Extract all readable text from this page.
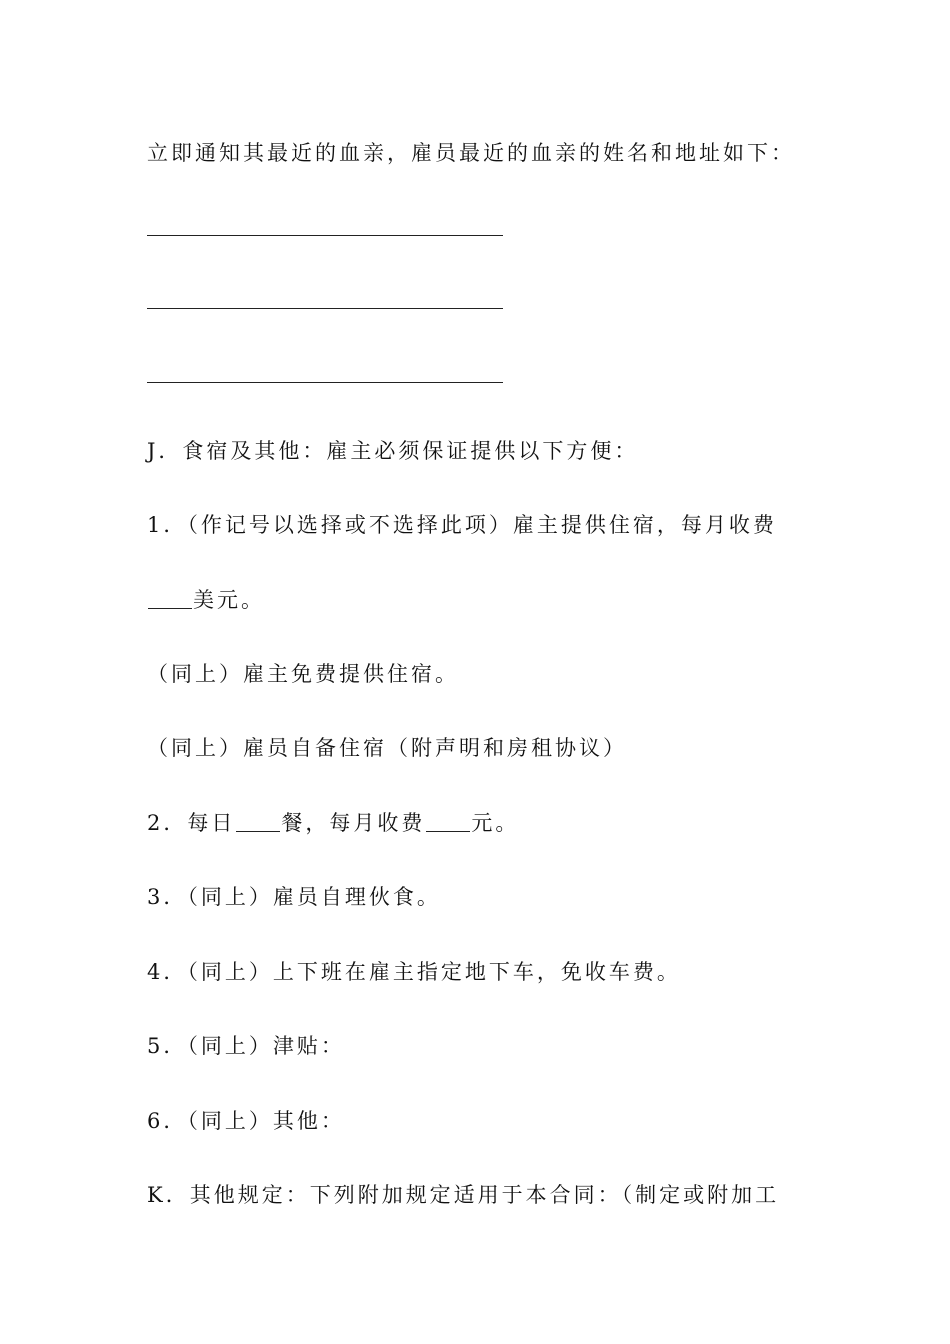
立即通知其最近的血亲，雇员最近的血亲的姓名和地址如下：
J．食宿及其他：雇主必须保证提供以下方便：
1．（作记号以选择或不选择此项）雇主提供住宿，每月收费
美元。
（同上）雇主免费提供住宿。
（同上）雇员自备住宿（附声明和房租协议）
2．每日 餐，每月收费 元。
3．（同上）雇员自理伙食。
4．（同上）上下班在雇主指定地下车，免收车费。
5．（同上）津贴：
6．（同上）其他：
K．其他规定：下列附加规定适用于本合同：（制定或附加工
